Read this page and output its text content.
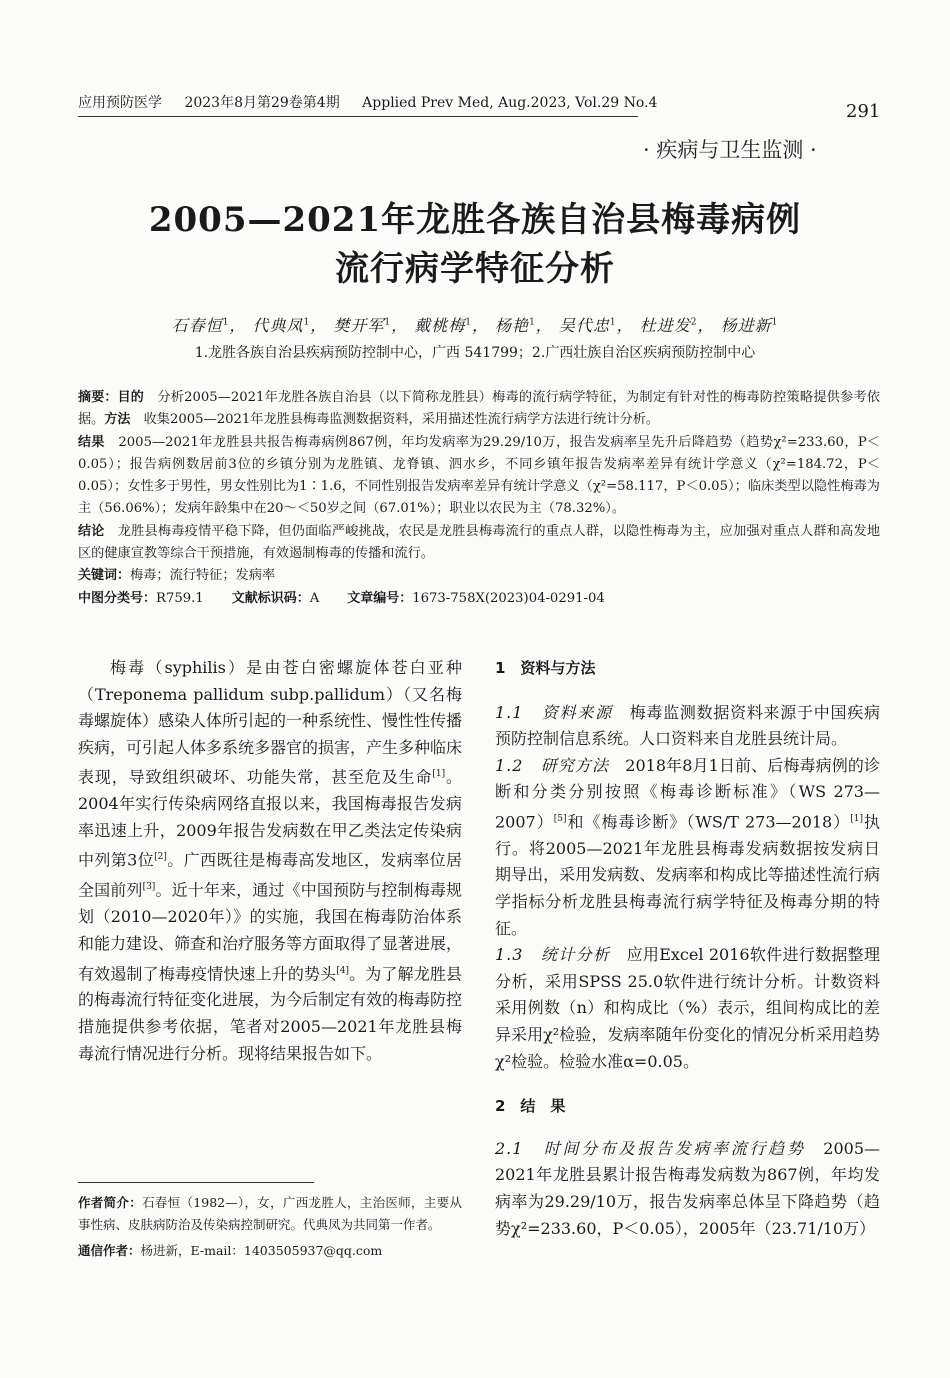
应用预防医学 2023年8月第29卷第4期 Applied Prev Med, Aug.2023, Vol.29 No.4	291
· 疾病与卫生监测 ·
2005—2021年龙胜各族自治县梅毒病例
流行病学特征分析
石春恒$^1$， 代典凤$^1$， 樊开军$^1$， 戴桃梅$^1$， 杨艳$^1$， 吴代忠$^1$， 杜进发$^2$， 杨进新$^1$
1.龙胜各族自治县疾病预防控制中心，广西 541799；2.广西壮族自治区疾病预防控制中心

摘要：目的　 分析2005—2021年龙胜各族自治县（以下简称龙胜县）梅毒的流行病学特征，为制定有针对性的梅毒防控策略提供参考依据。方法　 收集2005—2021年龙胜县梅毒监测数据资料，采用描述性流行病学方法进行统计分析。

结果　 2005—2021年龙胜县共报告梅毒病例867例，年均发病率为29.29/10万，报告发病率呈先升后降趋势（趋势χ²=233.60，P＜0.05）；报告病例数居前3位的乡镇分别为龙胜镇、龙脊镇、泗水乡，不同乡镇年报告发病率差异有统计学意义（χ²=184.72，P＜0.05）；女性多于男性，男女性别比为1∶1.6，不同性别报告发病率差异有统计学意义（χ²=58.117，P＜0.05）；临床类型以隐性梅毒为主（56.06%）；发病年龄集中在20～＜50岁之间（67.01%）；职业以农民为主（78.32%）。

结论　 龙胜县梅毒疫情平稳下降，但仍面临严峻挑战，农民是龙胜县梅毒流行的重点人群，以隐性梅毒为主，应加强对重点人群和高发地区的健康宣教等综合干预措施，有效遏制梅毒的传播和流行。

关键词：梅毒；流行特征；发病率

中图分类号：R759.1 文献标识码：A 文章编号：1673-758X(2023)04-0291-04

梅毒（syphilis）是由苍白密螺旋体苍白亚种（Treponema pallidum subp.pallidum）（又名梅毒螺旋体）感染人体所引起的一种系统性、慢性性传播疾病，可引起人体多系统多器官的损害，产生多种临床表现，导致组织破坏、功能失常，甚至危及生命[1]。2004年实行传染病网络直报以来，我国梅毒报告发病率迅速上升，2009年报告发病数在甲乙类法定传染病中列第3位[2]。广西既往是梅毒高发地区，发病率位居全国前列[3]。近十年来，通过《中国预防与控制梅毒规划（2010—2020年）》的实施，我国在梅毒防治体系和能力建设、筛查和治疗服务等方面取得了显著进展，有效遏制了梅毒疫情快速上升的势头[4]。为了解龙胜县的梅毒流行特征变化进展，为今后制定有效的梅毒防控措施提供参考依据，笔者对2005—2021年龙胜县梅毒流行情况进行分析。现将结果报告如下。

作者简介：石春恒（1982—），女，广西龙胜人，主治医师，主要从事性病、皮肤病防治及传染病控制研究。代典凤为共同第一作者。

通信作者：杨进新，E-mail：1403505937@qq.com

1　资料与方法

1.1　资料来源　 梅毒监测数据资料来源于中国疾病预防控制信息系统。人口资料来自龙胜县统计局。

1.2　研究方法　 2018年8月1日前、后梅毒病例的诊断和分类分别按照《梅毒诊断标准》（WS 273—2007）[5]和《梅毒诊断》（WS/T 273—2018）[1]执行。将2005—2021年龙胜县梅毒发病数据按发病日期导出，采用发病数、发病率和构成比等描述性流行病学指标分析龙胜县梅毒流行病学特征及梅毒分期的特征。

1.3　统计分析　 应用Excel 2016软件进行数据整理分析，采用SPSS 25.0软件进行统计分析。计数资料采用例数（n）和构成比（%）表示，组间构成比的差异采用χ²检验，发病率随年份变化的情况分析采用趋势χ²检验。检验水准α=0.05。

2　结　果

2.1　时间分布及报告发病率流行趋势　 2005—2021年龙胜县累计报告梅毒发病数为867例，年均发病率为29.29/10万，报告发病率总体呈下降趋势（趋势χ²=233.60，P＜0.05），2005年（23.71/10万）
